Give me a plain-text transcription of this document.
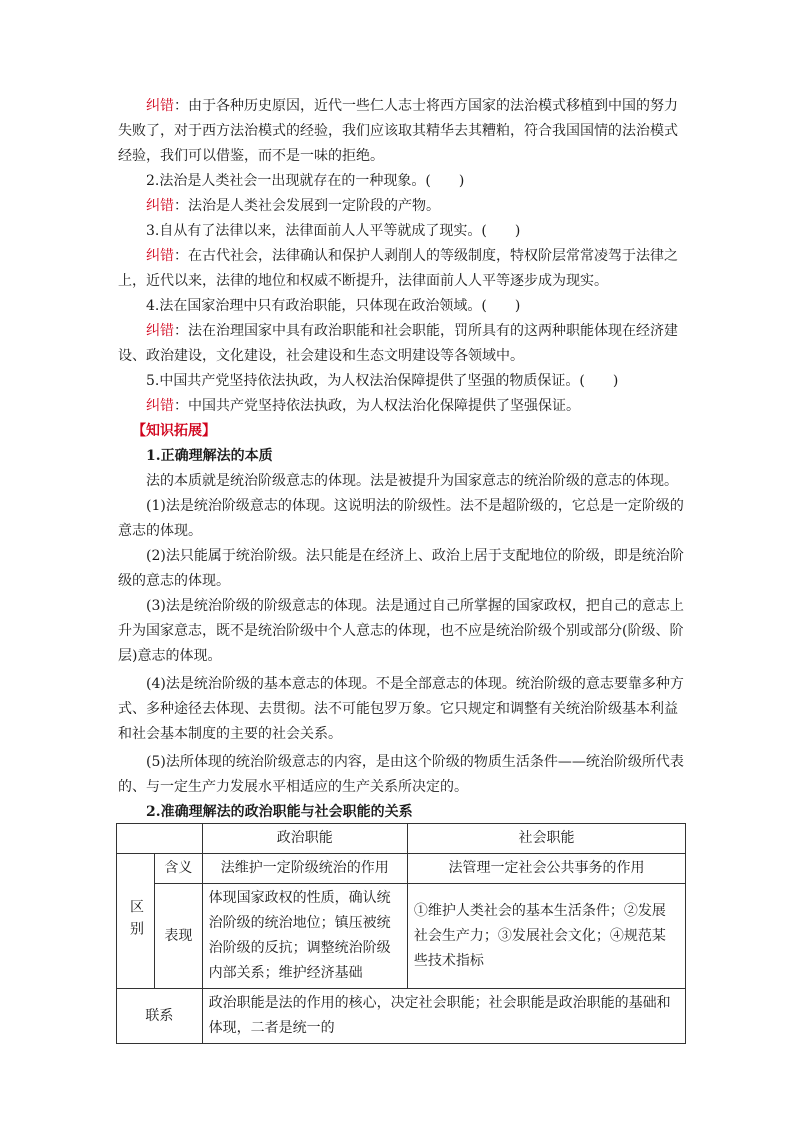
纠错：由于各种历史原因，近代一些仁人志士将西方国家的法治模式移植到中国的努力失败了，对于西方法治模式的经验，我们应该取其精华去其糟粕，符合我国国情的法治模式经验，我们可以借鉴，而不是一味的拒绝。

2.法治是人类社会一出现就存在的一种现象。(　　)

纠错：法治是人类社会发展到一定阶段的产物。

3.自从有了法律以来，法律面前人人平等就成了现实。(　　)

纠错：在古代社会，法律确认和保护人剥削人的等级制度，特权阶层常常凌驾于法律之上，近代以来，法律的地位和权威不断提升，法律面前人人平等逐步成为现实。

4.法在国家治理中只有政治职能，只体现在政治领域。(　　)

纠错：法在治理国家中具有政治职能和社会职能，罚所具有的这两种职能体现在经济建设、政治建设，文化建设，社会建设和生态文明建设等各领域中。

5.中国共产党坚持依法执政，为人权法治保障提供了坚强的物质保证。(　　)

纠错：中国共产党坚持依法执政，为人权法治化保障提供了坚强保证。

【知识拓展】

1.正确理解法的本质

法的本质就是统治阶级意志的体现。法是被提升为国家意志的统治阶级的意志的体现。

(1)法是统治阶级意志的体现。这说明法的阶级性。法不是超阶级的，它总是一定阶级的意志的体现。

(2)法只能属于统治阶级。法只能是在经济上、政治上居于支配地位的阶级，即是统治阶级的意志的体现。

(3)法是统治阶级的阶级意志的体现。法是通过自己所掌握的国家政权，把自己的意志上升为国家意志，既不是统治阶级中个人意志的体现，也不应是统治阶级个别或部分(阶级、阶层)意志的体现。

(4)法是统治阶级的基本意志的体现。不是全部意志的体现。统治阶级的意志要靠多种方式、多种途径去体现、去贯彻。法不可能包罗万象。它只规定和调整有关统治阶级基本利益和社会基本制度的主要的社会关系。

(5)法所体现的统治阶级意志的内容，是由这个阶级的物质生活条件——统治阶级所代表的、与一定生产力发展水平相适应的生产关系所决定的。

2.准确理解法的政治职能与社会职能的关系

		政治职能	社会职能
区别	含义	法维护一定阶级统治的作用	法管理一定社会公共事务的作用
	表现	体现国家政权的性质，确认统治阶级的统治地位；镇压被统治阶级的反抗；调整统治阶级内部关系；维护经济基础	①维护人类社会的基本生活条件；②发展社会生产力；③发展社会文化；④规范某些技术指标
联系		政治职能是法的作用的核心，决定社会职能；社会职能是政治职能的基础和体现，二者是统一的	
